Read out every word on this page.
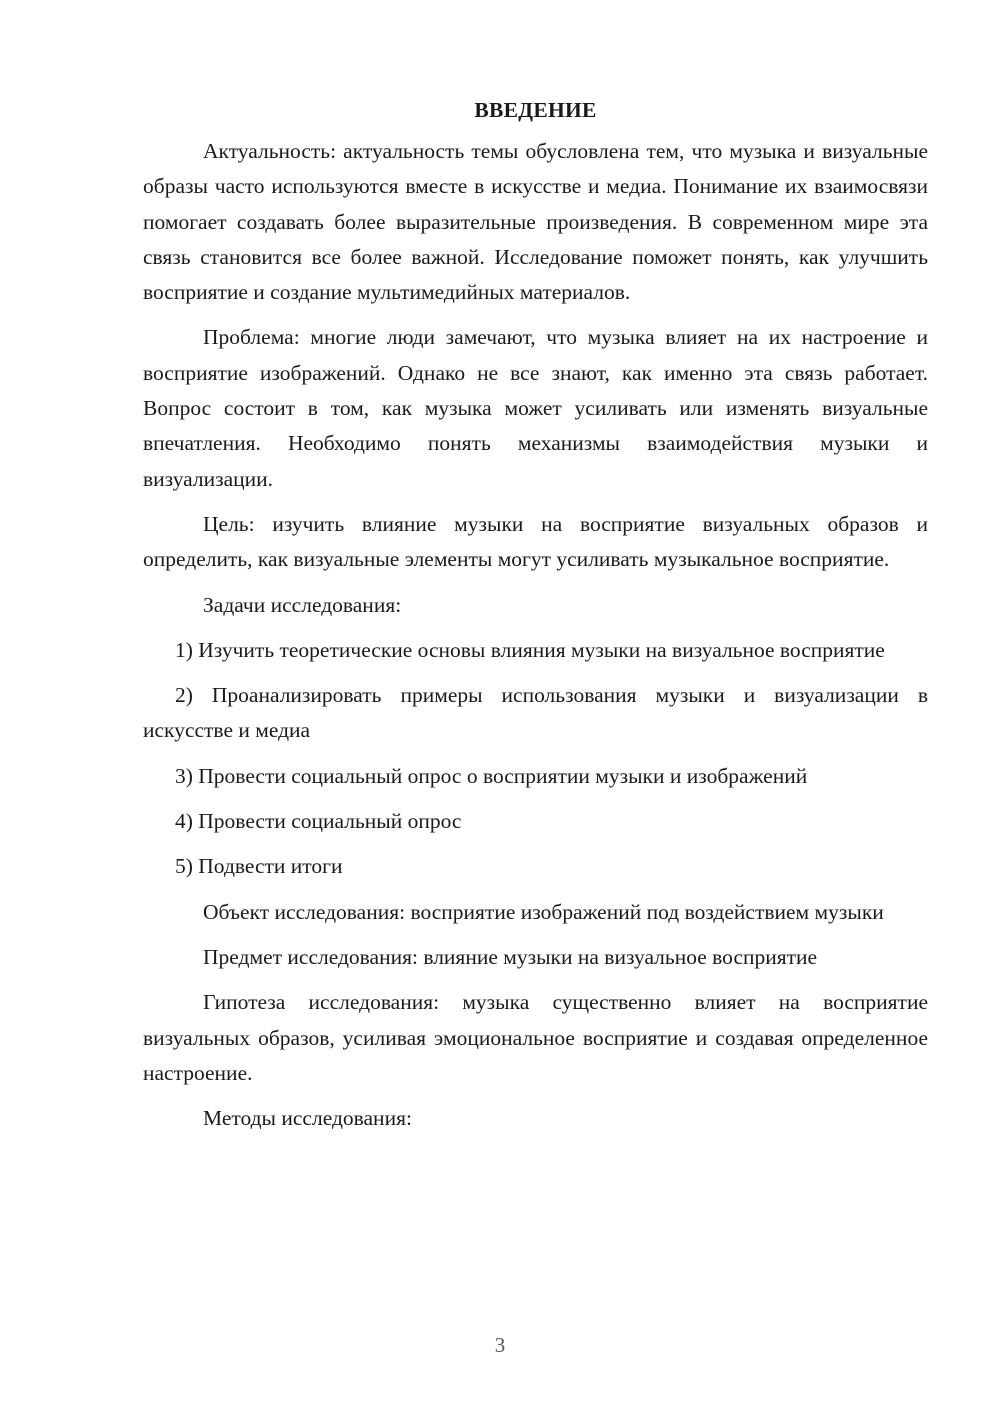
ВВЕДЕНИЕ

Актуальность: актуальность темы обусловлена тем, что музыка и визуальные образы часто используются вместе в искусстве и медиа. Понимание их взаимосвязи помогает создавать более выразительные произведения. В современном мире эта связь становится все более важной. Исследование поможет понять, как улучшить восприятие и создание мультимедийных материалов.

Проблема: многие люди замечают, что музыка влияет на их настроение и восприятие изображений. Однако не все знают, как именно эта связь работает. Вопрос состоит в том, как музыка может усиливать или изменять визуальные впечатления. Необходимо понять механизмы взаимодействия музыки и визуализации.

Цель: изучить влияние музыки на восприятие визуальных образов и определить, как визуальные элементы могут усиливать музыкальное восприятие.

Задачи исследования:

1) Изучить теоретические основы влияния музыки на визуальное восприятие

2) Проанализировать примеры использования музыки и визуализации в искусстве и медиа

3) Провести социальный опрос о восприятии музыки и изображений

4) Провести социальный опрос

5) Подвести итоги

Объект исследования: восприятие изображений под воздействием музыки

Предмет исследования: влияние музыки на визуальное восприятие

Гипотеза исследования: музыка существенно влияет на восприятие визуальных образов, усиливая эмоциональное восприятие и создавая определенное настроение.

Методы исследования:

3
